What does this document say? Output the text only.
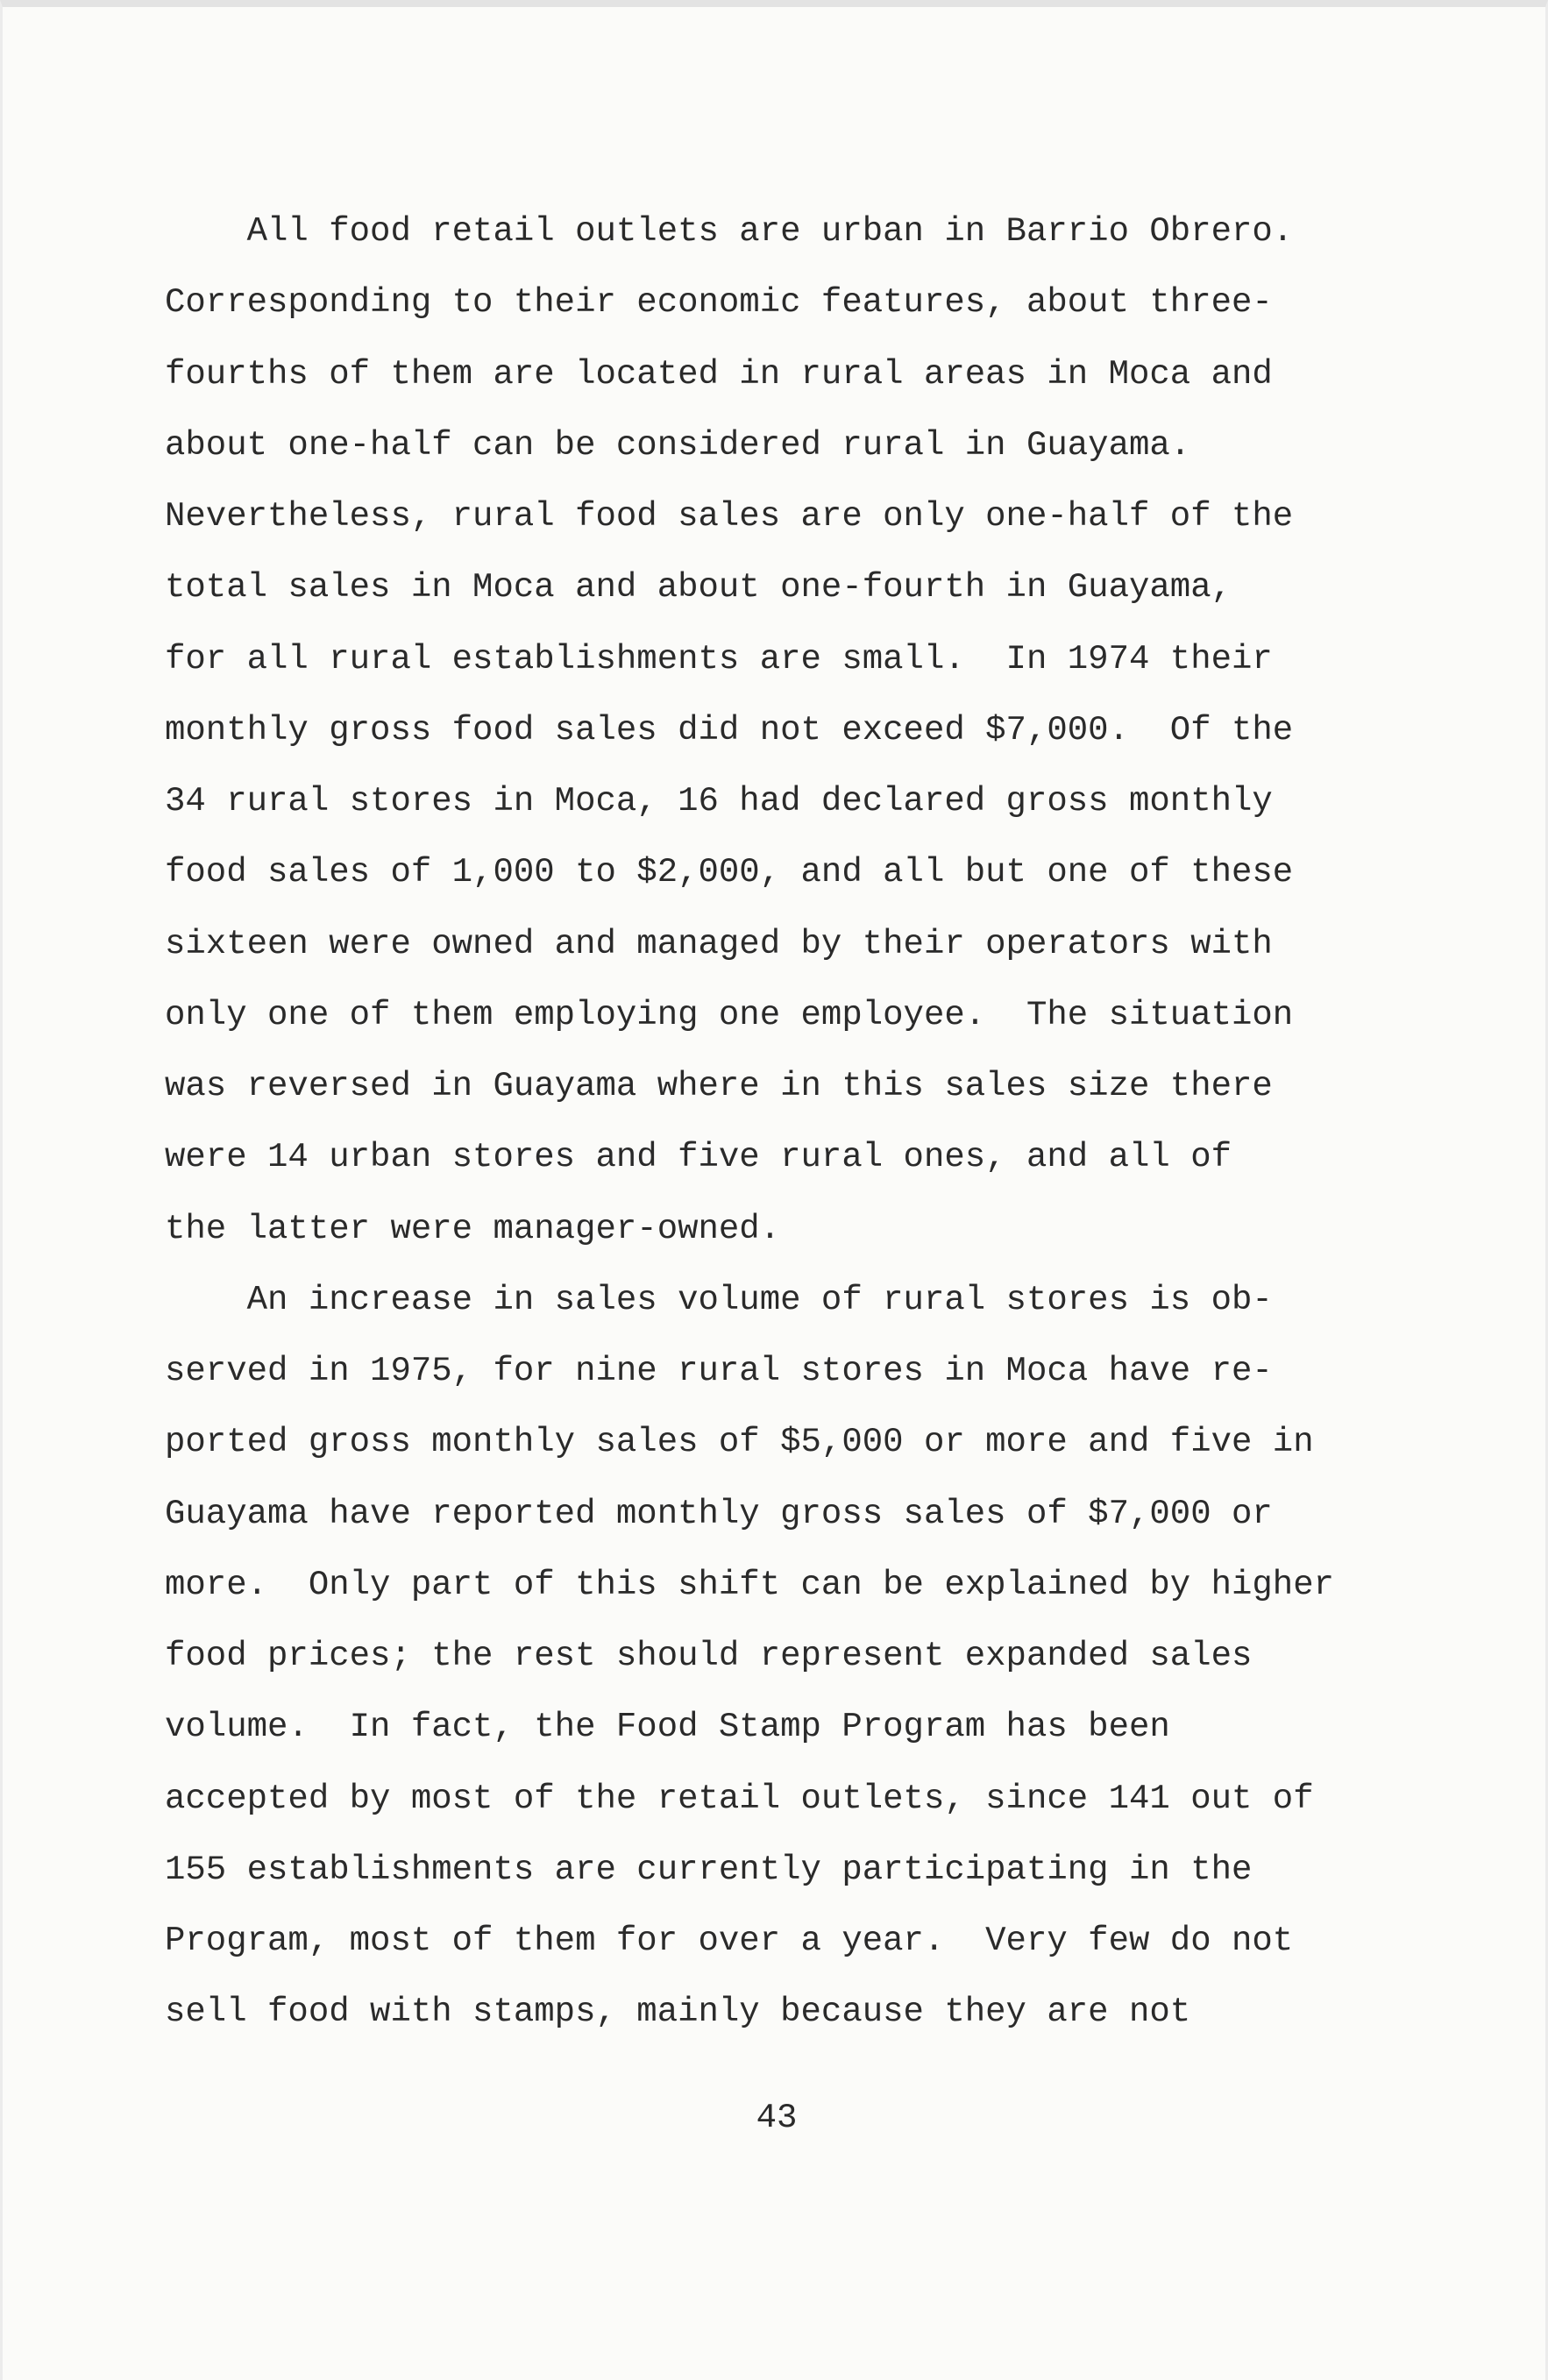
All food retail outlets are urban in Barrio Obrero.
Corresponding to their economic features, about three-
fourths of them are located in rural areas in Moca and
about one-half can be considered rural in Guayama.
Nevertheless, rural food sales are only one-half of the
total sales in Moca and about one-fourth in Guayama,
for all rural establishments are small.  In 1974 their
monthly gross food sales did not exceed $7,000.  Of the
34 rural stores in Moca, 16 had declared gross monthly
food sales of 1,000 to $2,000, and all but one of these
sixteen were owned and managed by their operators with
only one of them employing one employee.  The situation
was reversed in Guayama where in this sales size there
were 14 urban stores and five rural ones, and all of
the latter were manager-owned.
An increase in sales volume of rural stores is ob-
served in 1975, for nine rural stores in Moca have re-
ported gross monthly sales of $5,000 or more and five in
Guayama have reported monthly gross sales of $7,000 or
more.  Only part of this shift can be explained by higher
food prices; the rest should represent expanded sales
volume.  In fact, the Food Stamp Program has been
accepted by most of the retail outlets, since 141 out of
155 establishments are currently participating in the
Program, most of them for over a year.  Very few do not
sell food with stamps, mainly because they are not
43
